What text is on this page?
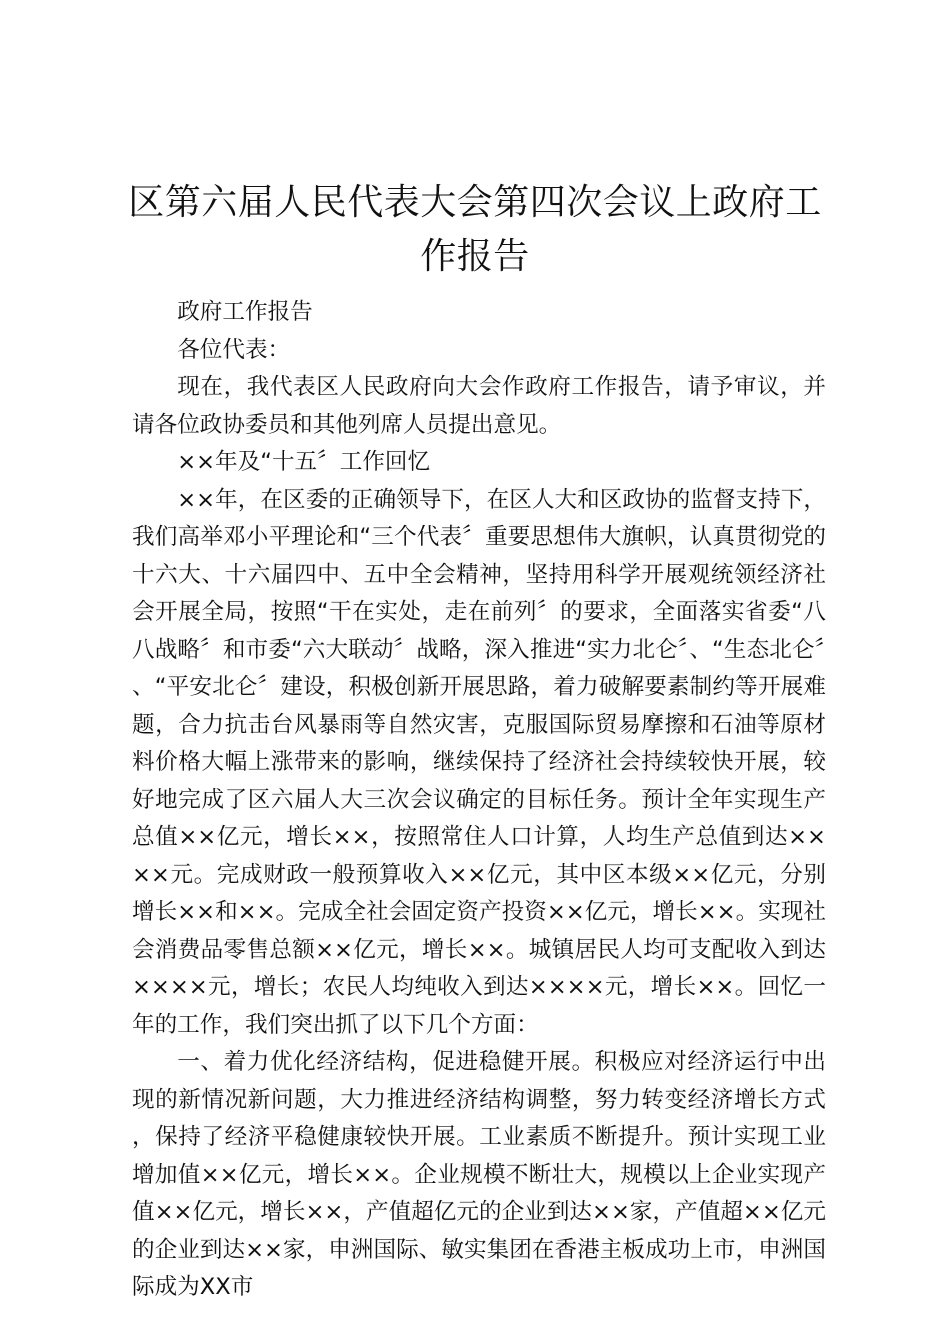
区第六届人民代表大会第四次会议上政府工作报告

政府工作报告

各位代表：

现在，我代表区人民政府向大会作政府工作报告，请予审议，并请各位政协委员和其他列席人员提出意见。

××年及“十五〞工作回忆

××年，在区委的正确领导下，在区人大和区政协的监督支持下，我们高举邓小平理论和“三个代表〞重要思想伟大旗帜，认真贯彻党的十六大、十六届四中、五中全会精神，坚持用科学开展观统领经济社会开展全局，按照“干在实处，走在前列〞的要求，全面落实省委“八八战略〞和市委“六大联动〞战略，深入推进“实力北仑〞、“生态北仑〞、“平安北仑〞建设，积极创新开展思路，着力破解要素制约等开展难题，合力抗击台风暴雨等自然灾害，克服国际贸易摩擦和石油等原材料价格大幅上涨带来的影响，继续保持了经济社会持续较快开展，较好地完成了区六届人大三次会议确定的目标任务。预计全年实现生产总值××亿元，增长××，按照常住人口计算，人均生产总值到达××××元。完成财政一般预算收入××亿元，其中区本级××亿元，分别增长××和××。完成全社会固定资产投资××亿元，增长××。实现社会消费品零售总额××亿元，增长××。城镇居民人均可支配收入到达××××元，增长；农民人均纯收入到达××××元，增长××。回忆一年的工作，我们突出抓了以下几个方面：

一、着力优化经济结构，促进稳健开展。积极应对经济运行中出现的新情况新问题，大力推进经济结构调整，努力转变经济增长方式，保持了经济平稳健康较快开展。工业素质不断提升。预计实现工业增加值××亿元，增长××。企业规模不断壮大，规模以上企业实现产值××亿元，增长××，产值超亿元的企业到达××家，产值超××亿元的企业到达××家，申洲国际、敏实集团在香港主板成功上市，申洲国际成为XX市
